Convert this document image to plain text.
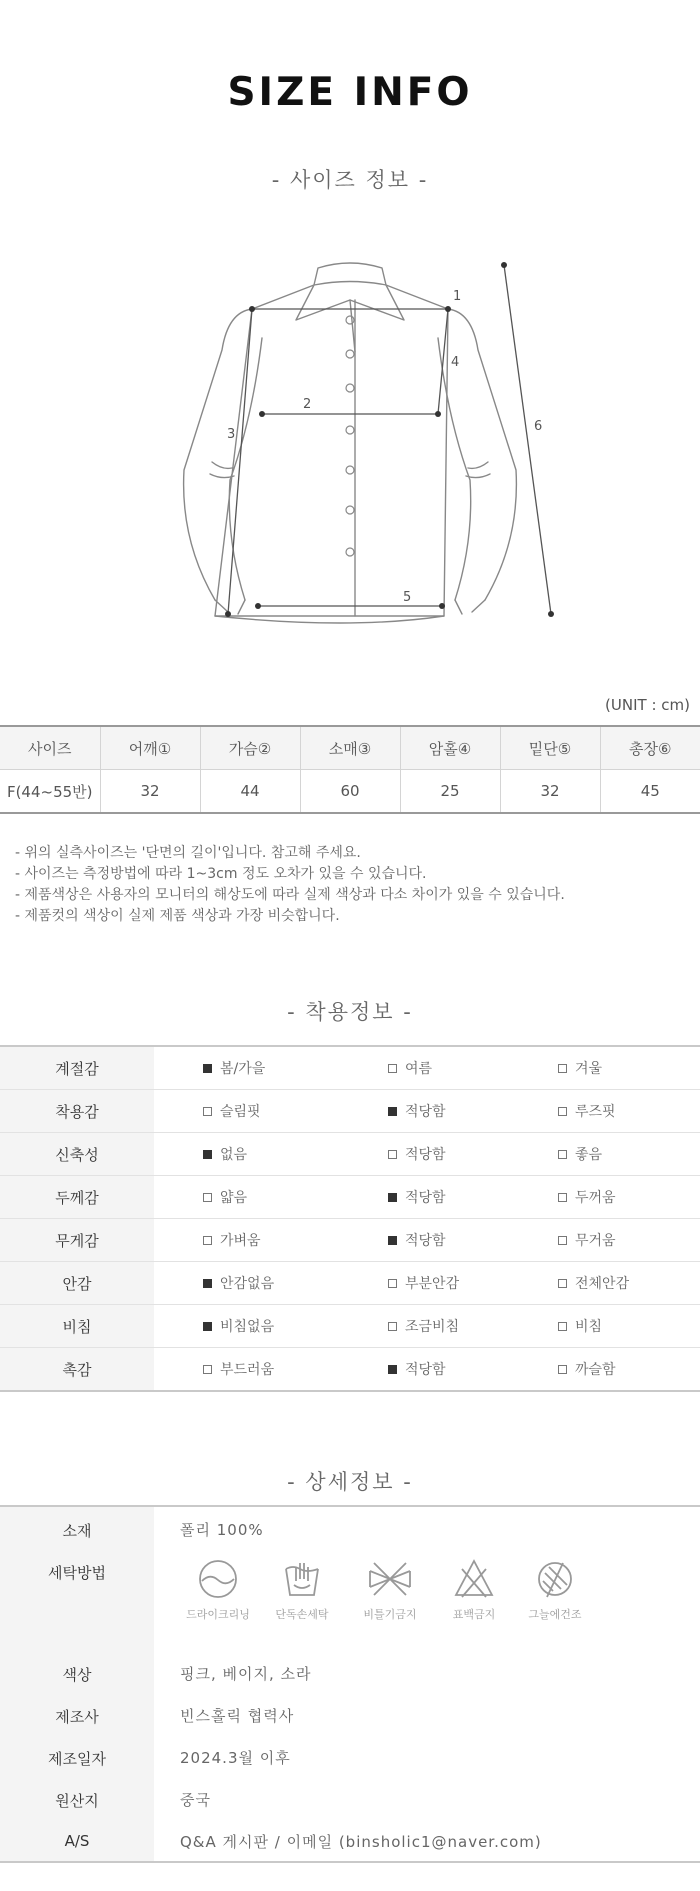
SIZE INFO
- 사이즈 정보 -
1
2
3
4
5
6
(UNIT : cm)
사이즈	어깨①	가슴②	소매③	암홀④	밑단⑤	총장⑥
F(44~55반)	32	44	60	25	32	45
- 위의 실측사이즈는 '단면의 길이'입니다. 참고해 주세요.
- 사이즈는 측정방법에 따라 1~3cm 정도 오차가 있을 수 있습니다.
- 제품색상은 사용자의 모니터의 해상도에 따라 실제 색상과 다소 차이가 있을 수 있습니다.
- 제품컷의 색상이 실제 제품 색상과 가장 비슷합니다.
- 착용정보 -
계절감	봄/가을	여름	겨울
착용감	슬림핏	적당함	루즈핏
신축성	없음	적당함	좋음
두께감	얇음	적당함	두꺼움
무게감	가벼움	적당함	무거움
안감	안감없음	부분안감	전체안감
비침	비침없음	조금비침	비침
촉감	부드러움	적당함	까슬함
- 상세정보 -
소재	폴리 100%
세탁방법
드라이크리닝	단독손세탁	비틀기금지	표백금지	그늘에건조
색상	핑크, 베이지, 소라
제조사	빈스홀릭 협력사
제조일자	2024.3월 이후
원산지	중국
A/S	Q&A 게시판 / 이메일 (binsholic1@naver.com)
